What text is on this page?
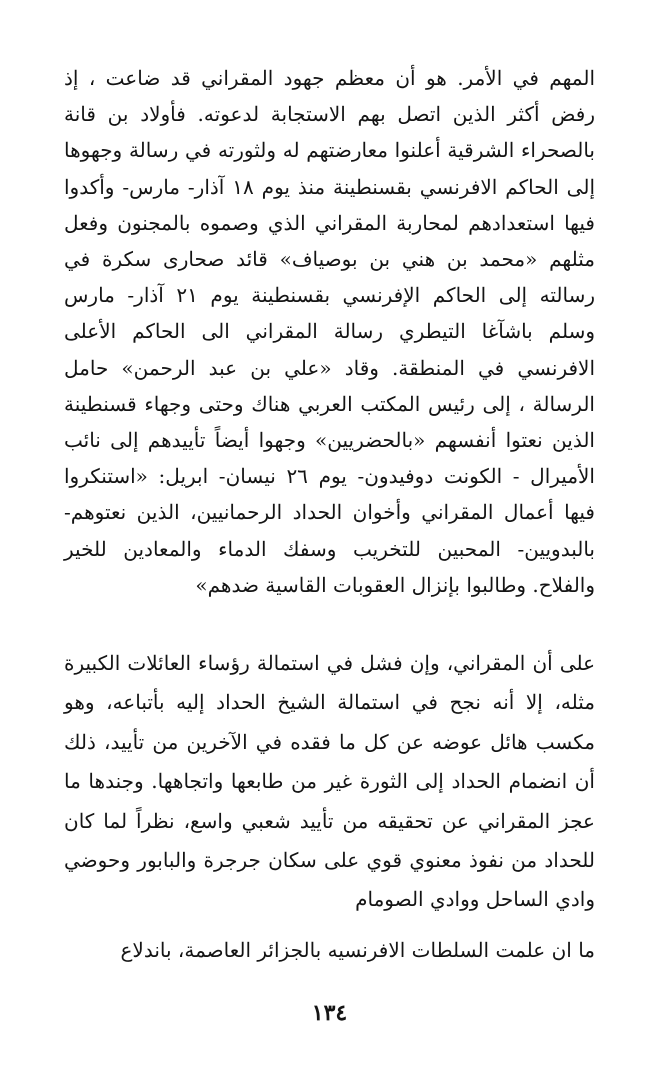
المهم في الأمر. هو أن معظم جهود المقراني قد ضاعت ، إذ رفض أكثر الذين اتصل بهم الاستجابة لدعوته. فأولاد بن قانة بالصحراء الشرقية أعلنوا معارضتهم له ولثورته في رسالة وجهوها إلى الحاكم الافرنسي بقسنطينة منذ يوم ١٨ آذار- مارس- وأكدوا فيها استعدادهم لمحاربة المقراني الذي وصموه بالمجنون وفعل مثلهم «محمد بن هني بن بوصياف» قائد صحارى سكرة في رسالته إلى الحاكم الإفرنسي بقسنطينة يوم ٢١ آذار- مارس وسلم باشآغا التيطري رسالة المقراني الى الحاكم الأعلى الافرنسي في المنطقة. وقاد «علي بن عبد الرحمن» حامل الرسالة ، إلى رئيس المكتب العربي هناك وحتى وجهاء قسنطينة الذين نعتوا أنفسهم «بالحضريين» وجهوا أيضاً تأييدهم إلى نائب الأميرال - الكونت دوفيدون- يوم ٢٦ نيسان- ابريل: «استنكروا فيها أعمال المقراني وأخوان الحداد الرحمانيين، الذين نعتوهم- بالبدويين- المحبين للتخريب وسفك الدماء والمعادين للخير والفلاح. وطالبوا بإنزال العقوبات القاسية ضدهم»

على أن المقراني، وإن فشل في استمالة رؤساء العائلات الكبيرة مثله، إلا أنه نجح في استمالة الشيخ الحداد إليه بأتباعه، وهو مكسب هائل عوضه عن كل ما فقده في الآخرين من تأييد، ذلك أن انضمام الحداد إلى الثورة غير من طابعها واتجاهها. وجندها ما عجز المقراني عن تحقيقه من تأييد شعبي واسع، نظراً لما كان للحداد من نفوذ معنوي قوي على سكان جرجرة والبابور وحوضي وادي الساحل ووادي الصومام

ما ان علمت السلطات الافرنسيه بالجزائر العاصمة، باندلاع

١٣٤
